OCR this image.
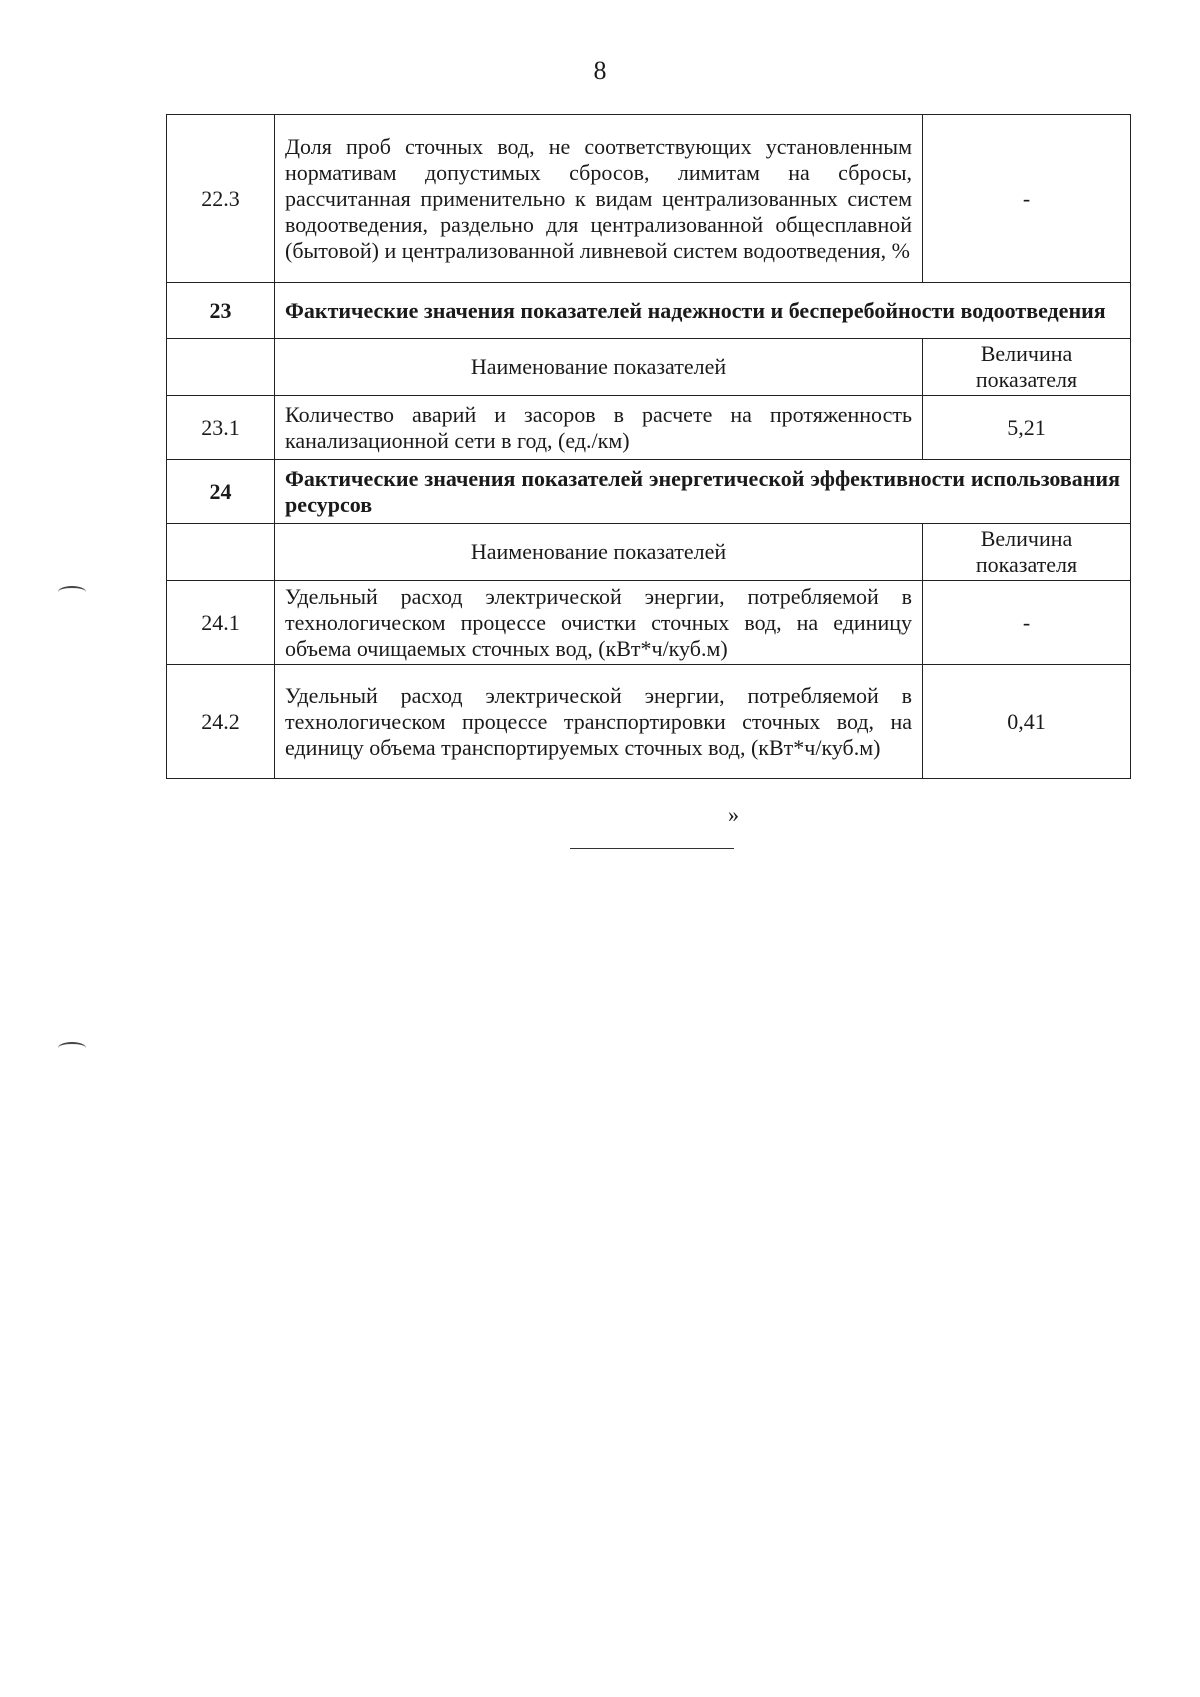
8
22.3	Доля проб сточных вод, не соответствующих установленным нормативам допустимых сбросов, лимитам на сбросы, рассчитанная применительно к видам централизованных систем водоотведения, раздельно для централизованной общесплавной (бытовой) и централизованной ливневой систем водоотведения, %	-
23	Фактические значения показателей надежности и бесперебойности водоотведения	
	Наименование показателей	Величина показателя
23.1	Количество аварий и засоров в расчете на протяженность канализационной сети в год, (ед./км)	5,21
24	Фактические значения показателей энергетической эффективности использования ресурсов	
	Наименование показателей	Величина показателя
24.1	Удельный расход электрической энергии, потребляемой в технологическом процессе очистки сточных вод, на единицу объема очищаемых сточных вод, (кВт*ч/куб.м)	-
24.2	Удельный расход электрической энергии, потребляемой в технологическом процессе транспортировки сточных вод, на единицу объема транспортируемых сточных вод, (кВт*ч/куб.м)	0,41
»
